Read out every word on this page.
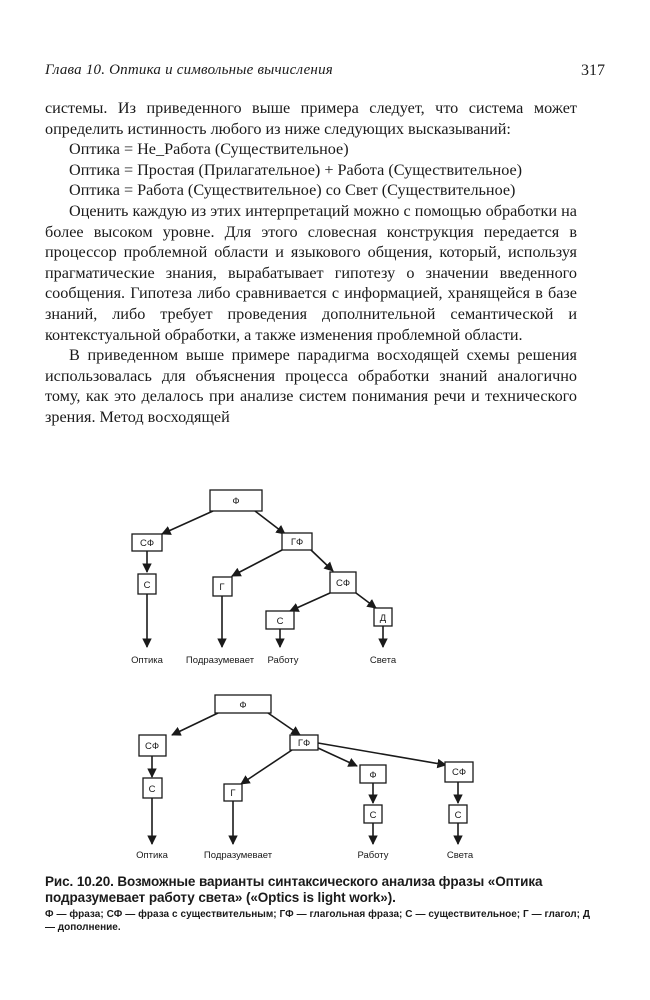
Глава 10. Оптика и символьные вычисления	317

системы. Из приведенного выше примера следует, что система может определить истинность любого из ниже следующих высказываний:

Оптика = Не_Работа (Существительное)

Оптика = Простая (Прилагательное) + Работа (Существительное)

Оптика = Работа (Существительное) со Свет (Существительное)

Оценить каждую из этих интерпретаций можно с помощью обработки на более высоком уровне. Для этого словесная конструкция передается в процессор проблемной области и языкового общения, который, используя прагматические знания, вырабатывает гипотезу о значении введенного сообщения. Гипотеза либо сравнивается с информацией, хранящейся в базе знаний, либо требует проведения дополнительной семантической и контекстуальной обработки, а также изменения проблемной области.

В приведенном выше примере парадигма восходящей схемы решения использовалась для объяснения процесса обработки знаний аналогично тому, как это делалось при анализе систем понимания речи и технического зрения. Метод восходящей

Ф
СФ	ГФ
С	Г	СФ
С	Д
Оптика Подразумевает Работу	Света
Ф
СФ	ГФ
С	Г
Ф	СФ
С	С
Оптика	Подразумевает	Работу	Света
Рис. 10.20. Возможные варианты синтаксического анализа фразы «Оптика подразумевает работу света» («Optics is light work»).
Ф — фраза; СФ — фраза с существительным; ГФ — глагольная фраза; С — существительное; Г — глагол; Д — дополнение.
